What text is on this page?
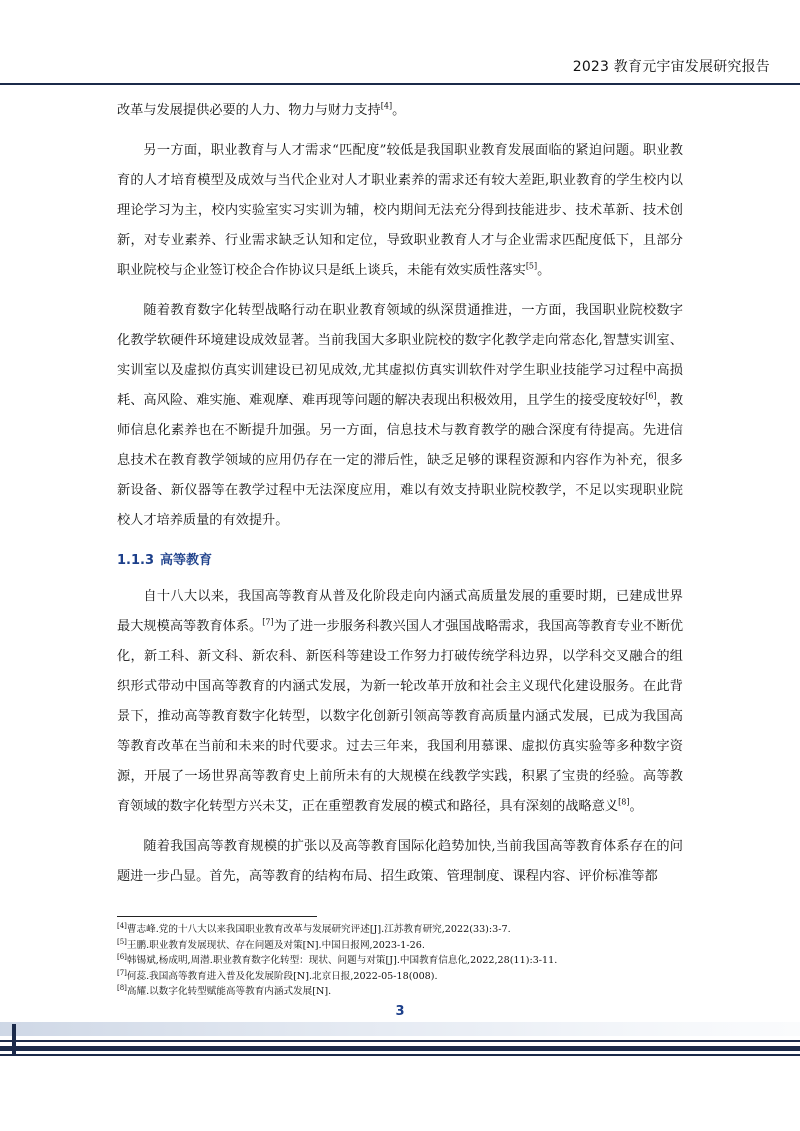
2023 教育元宇宙发展研究报告

改革与发展提供必要的人力、物力与财力支持[4]。

另一方面，职业教育与人才需求“匹配度”较低是我国职业教育发展面临的紧迫问题。职业教育的人才培育模型及成效与当代企业对人才职业素养的需求还有较大差距,职业教育的学生校内以理论学习为主，校内实验室实习实训为辅，校内期间无法充分得到技能进步、技术革新、技术创新，对专业素养、行业需求缺乏认知和定位，导致职业教育人才与企业需求匹配度低下，且部分职业院校与企业签订校企合作协议只是纸上谈兵，未能有效实质性落实[5]。

随着教育数字化转型战略行动在职业教育领域的纵深贯通推进，一方面，我国职业院校数字化教学软硬件环境建设成效显著。当前我国大多职业院校的数字化教学走向常态化,智慧实训室、实训室以及虚拟仿真实训建设已初见成效,尤其虚拟仿真实训软件对学生职业技能学习过程中高损耗、高风险、难实施、难观摩、难再现等问题的解决表现出积极效用，且学生的接受度较好[6]，教师信息化素养也在不断提升加强。另一方面，信息技术与教育教学的融合深度有待提高。先进信息技术在教育教学领域的应用仍存在一定的滞后性，缺乏足够的课程资源和内容作为补充，很多新设备、新仪器等在教学过程中无法深度应用，难以有效支持职业院校教学，不足以实现职业院校人才培养质量的有效提升。

1.1.3 高等教育

自十八大以来，我国高等教育从普及化阶段走向内涵式高质量发展的重要时期，已建成世界最大规模高等教育体系。[7]为了进一步服务科教兴国人才强国战略需求，我国高等教育专业不断优化，新工科、新文科、新农科、新医科等建设工作努力打破传统学科边界，以学科交叉融合的组织形式带动中国高等教育的内涵式发展，为新一轮改革开放和社会主义现代化建设服务。在此背景下，推动高等教育数字化转型，以数字化创新引领高等教育高质量内涵式发展，已成为我国高等教育改革在当前和未来的时代要求。过去三年来，我国利用慕课、虚拟仿真实验等多种数字资源，开展了一场世界高等教育史上前所未有的大规模在线教学实践，积累了宝贵的经验。高等教育领域的数字化转型方兴未艾，正在重塑教育发展的模式和路径，具有深刻的战略意义[8]。

随着我国高等教育规模的扩张以及高等教育国际化趋势加快,当前我国高等教育体系存在的问题进一步凸显。首先，高等教育的结构布局、招生政策、管理制度、课程内容、评价标准等都

[4]曹志峰.党的十八大以来我国职业教育改革与发展研究评述[J].江苏教育研究,2022(33):3-7.

[5]王鹏.职业教育发展现状、存在问题及对策[N].中国日报网,2023-1-26.

[6]韩锡斌,杨成明,周潜.职业教育数字化转型：现状、问题与对策[J].中国教育信息化,2022,28(11):3-11.

[7]何蕊.我国高等教育进入普及化发展阶段[N].北京日报,2022-05-18(008).

[8]高耀.以数字化转型赋能高等教育内涵式发展[N].

3
